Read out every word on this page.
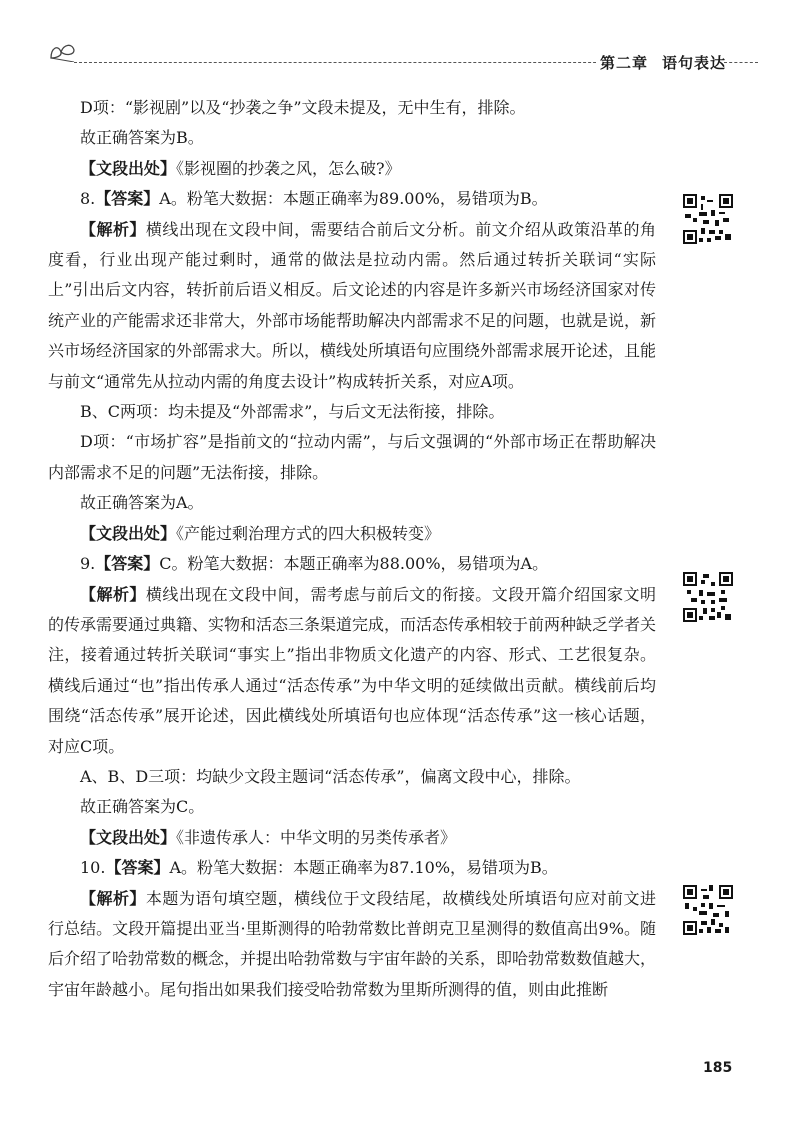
第二章 语句表达

D项：“影视剧”以及“抄袭之争”文段未提及，无中生有，排除。

故正确答案为B。

【文段出处】《影视圈的抄袭之风，怎么破?》

8.【答案】A。粉笔大数据：本题正确率为89.00%，易错项为B。

【解析】横线出现在文段中间，需要结合前后文分析。前文介绍从政策沿革的角度看，行业出现产能过剩时，通常的做法是拉动内需。然后通过转折关联词“实际上”引出后文内容，转折前后语义相反。后文论述的内容是许多新兴市场经济国家对传统产业的产能需求还非常大，外部市场能帮助解决内部需求不足的问题，也就是说，新兴市场经济国家的外部需求大。所以，横线处所填语句应围绕外部需求展开论述，且能与前文“通常先从拉动内需的角度去设计”构成转折关系，对应A项。

B、C两项：均未提及“外部需求”，与后文无法衔接，排除。

D项：“市场扩容”是指前文的“拉动内需”，与后文强调的“外部市场正在帮助解决内部需求不足的问题”无法衔接，排除。

故正确答案为A。

【文段出处】《产能过剩治理方式的四大积极转变》

9.【答案】C。粉笔大数据：本题正确率为88.00%，易错项为A。

【解析】横线出现在文段中间，需考虑与前后文的衔接。文段开篇介绍国家文明的传承需要通过典籍、实物和活态三条渠道完成，而活态传承相较于前两种缺乏学者关注，接着通过转折关联词“事实上”指出非物质文化遗产的内容、形式、工艺很复杂。横线后通过“也”指出传承人通过“活态传承”为中华文明的延续做出贡献。横线前后均围绕“活态传承”展开论述，因此横线处所填语句也应体现“活态传承”这一核心话题，对应C项。

A、B、D三项：均缺少文段主题词“活态传承”，偏离文段中心，排除。

故正确答案为C。

【文段出处】《非遗传承人：中华文明的另类传承者》

10.【答案】A。粉笔大数据：本题正确率为87.10%，易错项为B。

【解析】本题为语句填空题，横线位于文段结尾，故横线处所填语句应对前文进行总结。文段开篇提出亚当·里斯测得的哈勃常数比普朗克卫星测得的数值高出9%。随后介绍了哈勃常数的概念，并提出哈勃常数与宇宙年龄的关系，即哈勃常数数值越大，宇宙年龄越小。尾句指出如果我们接受哈勃常数为里斯所测得的值，则由此推断

185
